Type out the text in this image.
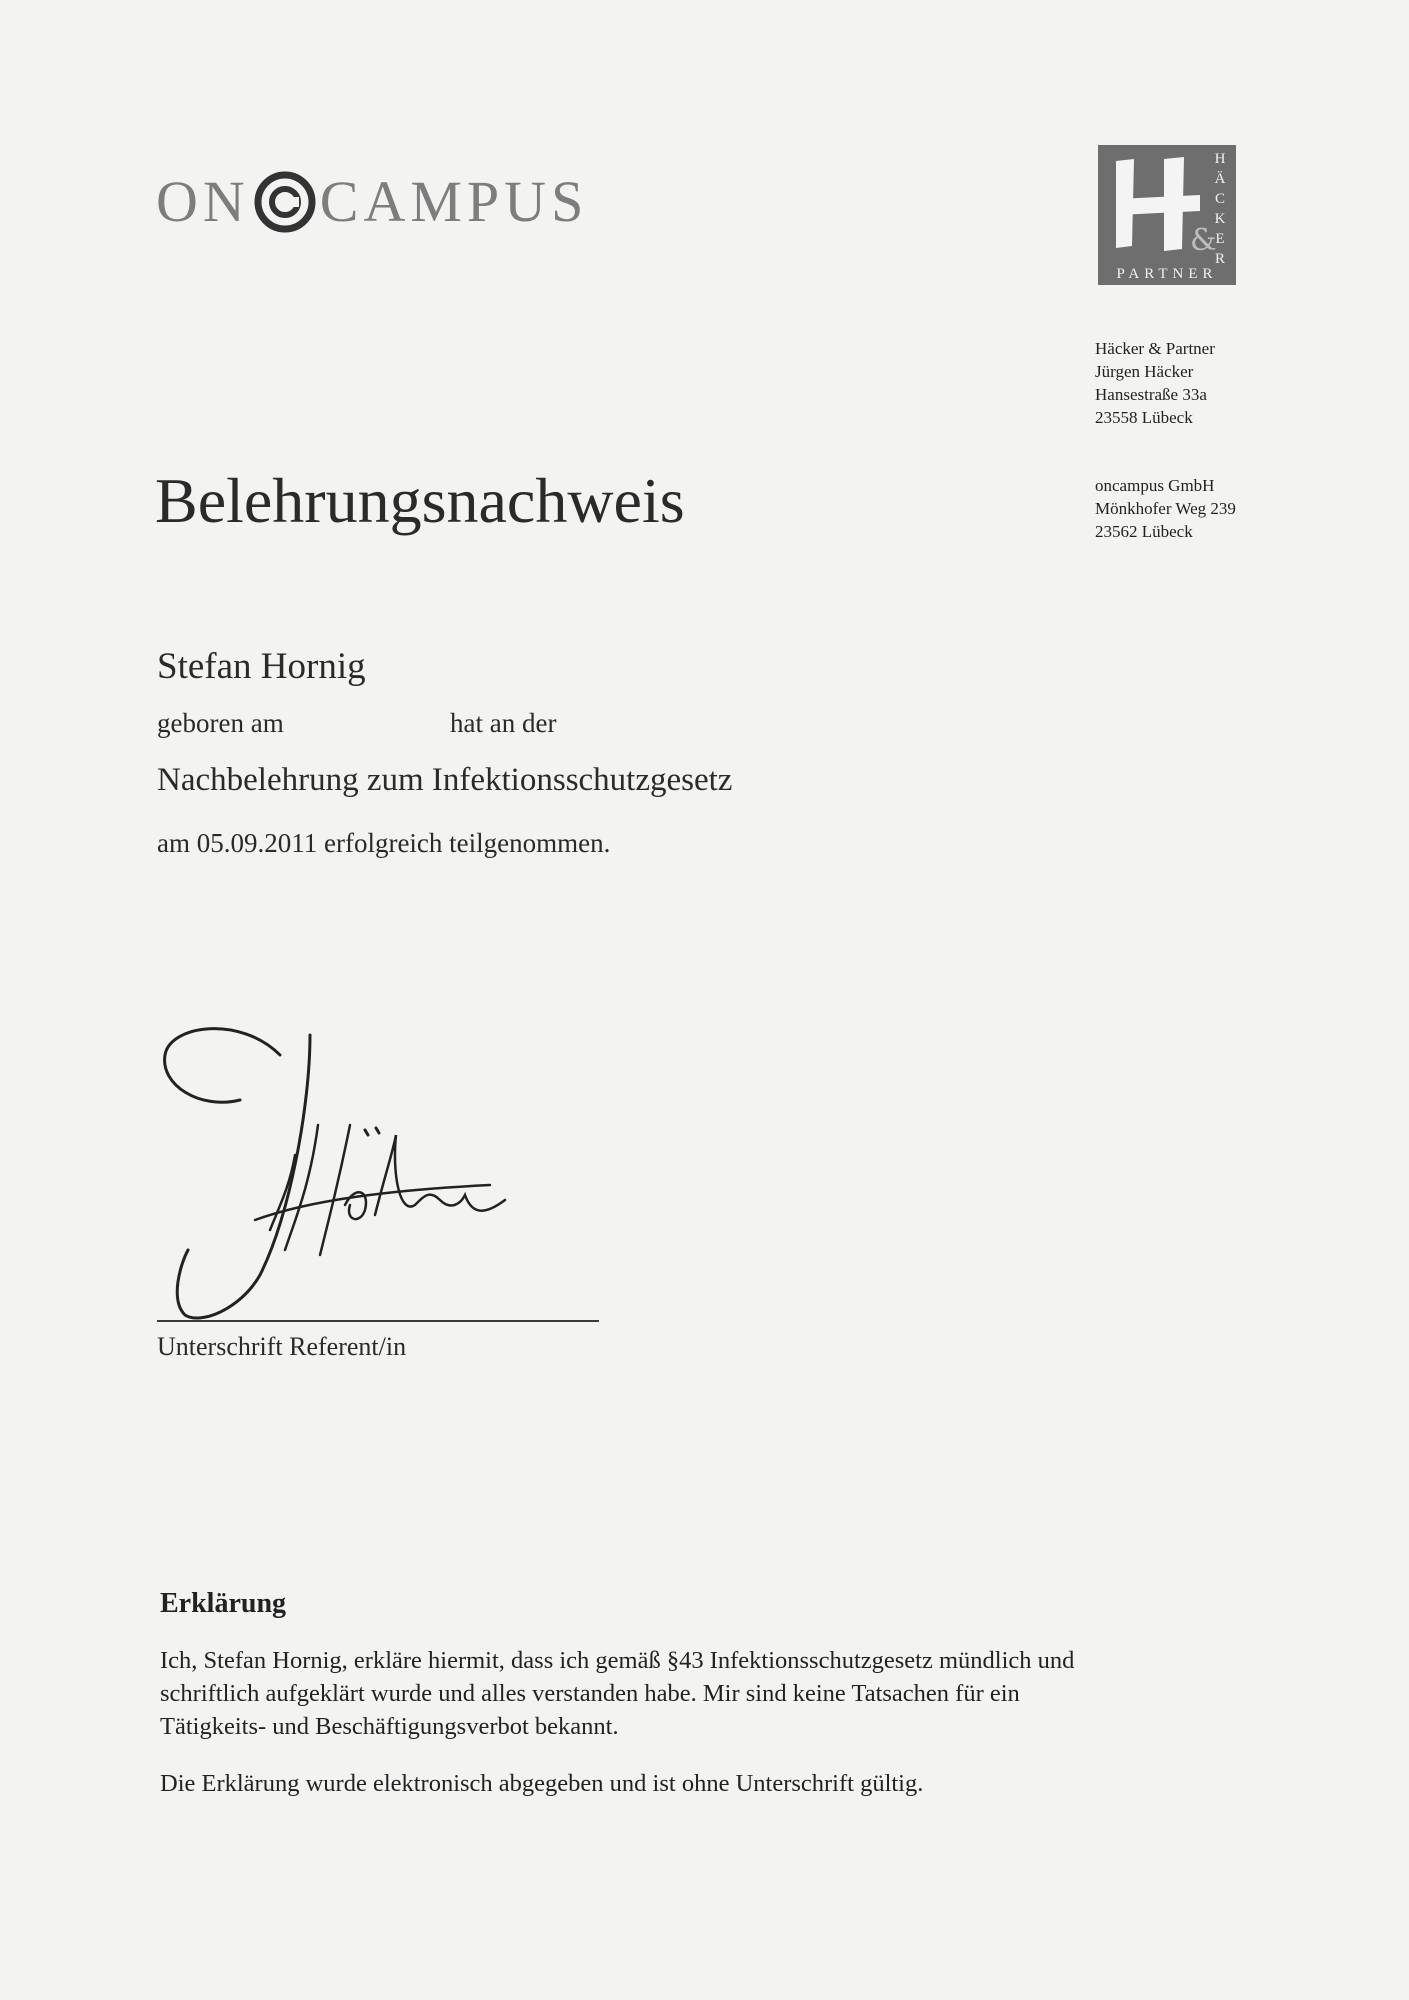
ON CAMPUS
&
H
Ä
C
K
E
R
PARTNER
Häcker & Partner
Jürgen Häcker
Hansestraße 33a
23558 Lübeck
oncampus GmbH
Mönkhofer Weg 239
23562 Lübeck
Belehrungsnachweis
Stefan Hornig
geboren am	hat an der
Nachbelehrung zum Infektionsschutzgesetz
am 05.09.2011 erfolgreich teilgenommen.
Unterschrift Referent/in
Erklärung

Ich, Stefan Hornig, erkläre hiermit, dass ich gemäß §43 Infektionsschutzgesetz mündlich und schriftlich aufgeklärt wurde und alles verstanden habe. Mir sind keine Tatsachen für ein Tätigkeits- und Beschäftigungsverbot bekannt.

Die Erklärung wurde elektronisch abgegeben und ist ohne Unterschrift gültig.
